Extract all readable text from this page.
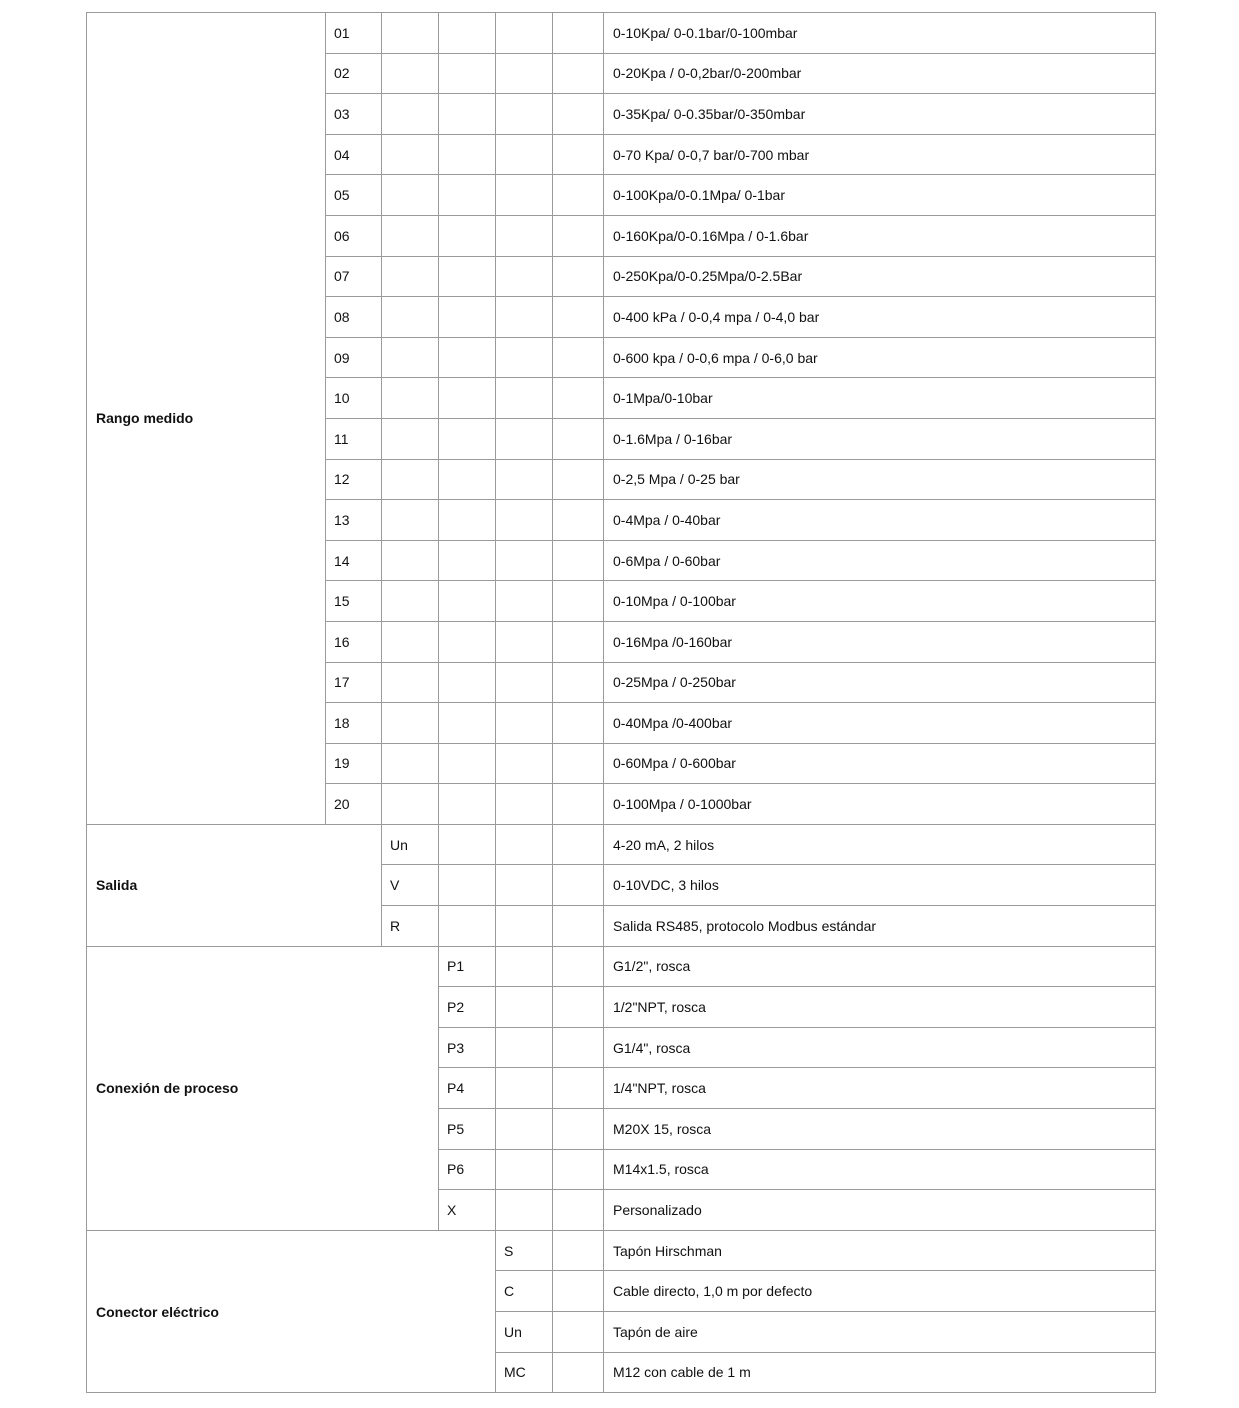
Rango medido	01					0-10Kpa/ 0-0.1bar/0-100mbar
	02					0-20Kpa / 0-0,2bar/0-200mbar
	03					0-35Kpa/ 0-0.35bar/0-350mbar
	04					0-70 Kpa/ 0-0,7 bar/0-700 mbar
	05					0-100Kpa/0-0.1Mpa/ 0-1bar
	06					0-160Kpa/0-0.16Mpa / 0-1.6bar
	07					0-250Kpa/0-0.25Mpa/0-2.5Bar
	08					0-400 kPa / 0-0,4 mpa / 0-4,0 bar
	09					0-600 kpa / 0-0,6 mpa / 0-6,0 bar
	10					0-1Mpa/0-10bar
	11					0-1.6Mpa / 0-16bar
	12					0-2,5 Mpa / 0-25 bar
	13					0-4Mpa / 0-40bar
	14					0-6Mpa / 0-60bar
	15					0-10Mpa / 0-100bar
	16					0-16Mpa /0-160bar
	17					0-25Mpa / 0-250bar
	18					0-40Mpa /0-400bar
	19					0-60Mpa / 0-600bar
	20					0-100Mpa / 0-1000bar
Salida		Un				4-20 mA, 2 hilos
		V				0-10VDC, 3 hilos
		R				Salida RS485, protocolo Modbus estándar
Conexión de proceso			P1			G1/2", rosca
			P2			1/2"NPT, rosca
			P3			G1/4", rosca
			P4			1/4"NPT, rosca
			P5			M20X 15, rosca
			P6			M14x1.5, rosca
			X			Personalizado
Conector eléctrico				S		Tapón Hirschman
				C		Cable directo, 1,0 m por defecto
				Un		Tapón de aire
				MC		M12 con cable de 1 m
